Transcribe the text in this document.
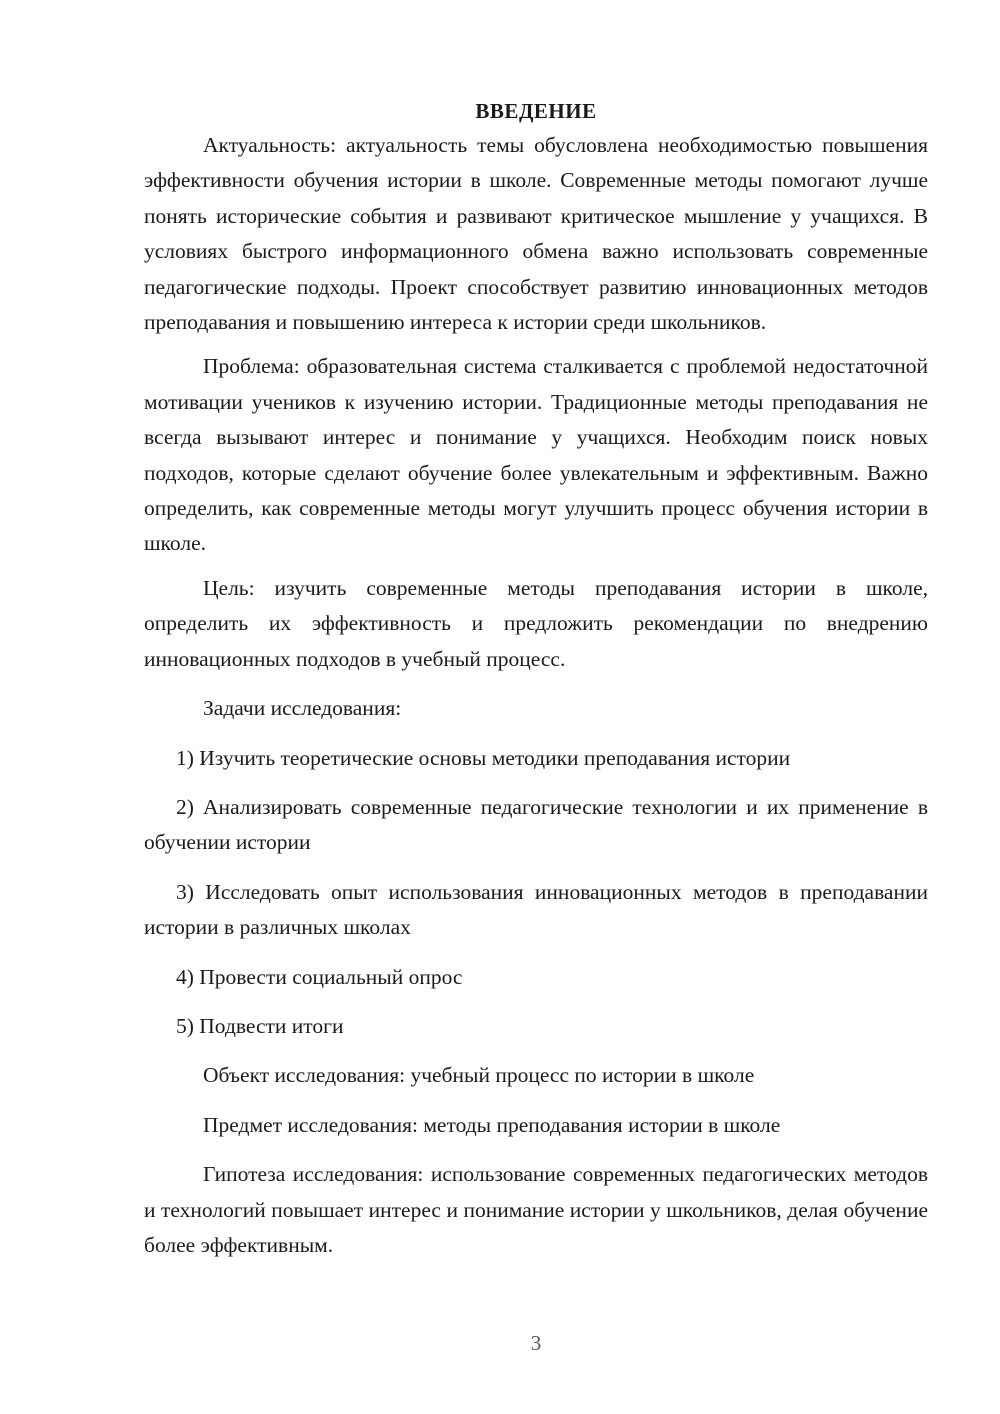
ВВЕДЕНИЕ

Актуальность: актуальность темы обусловлена необходимостью повышения эффективности обучения истории в школе. Современные методы помогают лучше понять исторические события и развивают критическое мышление у учащихся. В условиях быстрого информационного обмена важно использовать современные педагогические подходы. Проект способствует развитию инновационных методов преподавания и повышению интереса к истории среди школьников.

Проблема: образовательная система сталкивается с проблемой недостаточной мотивации учеников к изучению истории. Традиционные методы преподавания не всегда вызывают интерес и понимание у учащихся. Необходим поиск новых подходов, которые сделают обучение более увлекательным и эффективным. Важно определить, как современные методы могут улучшить процесс обучения истории в школе.

Цель: изучить современные методы преподавания истории в школе, определить их эффективность и предложить рекомендации по внедрению инновационных подходов в учебный процесс.

Задачи исследования:

1) Изучить теоретические основы методики преподавания истории

2) Анализировать современные педагогические технологии и их применение в обучении истории

3) Исследовать опыт использования инновационных методов в преподавании истории в различных школах

4) Провести социальный опрос

5) Подвести итоги

Объект исследования: учебный процесс по истории в школе

Предмет исследования: методы преподавания истории в школе

Гипотеза исследования: использование современных педагогических методов и технологий повышает интерес и понимание истории у школьников, делая обучение более эффективным.

3
